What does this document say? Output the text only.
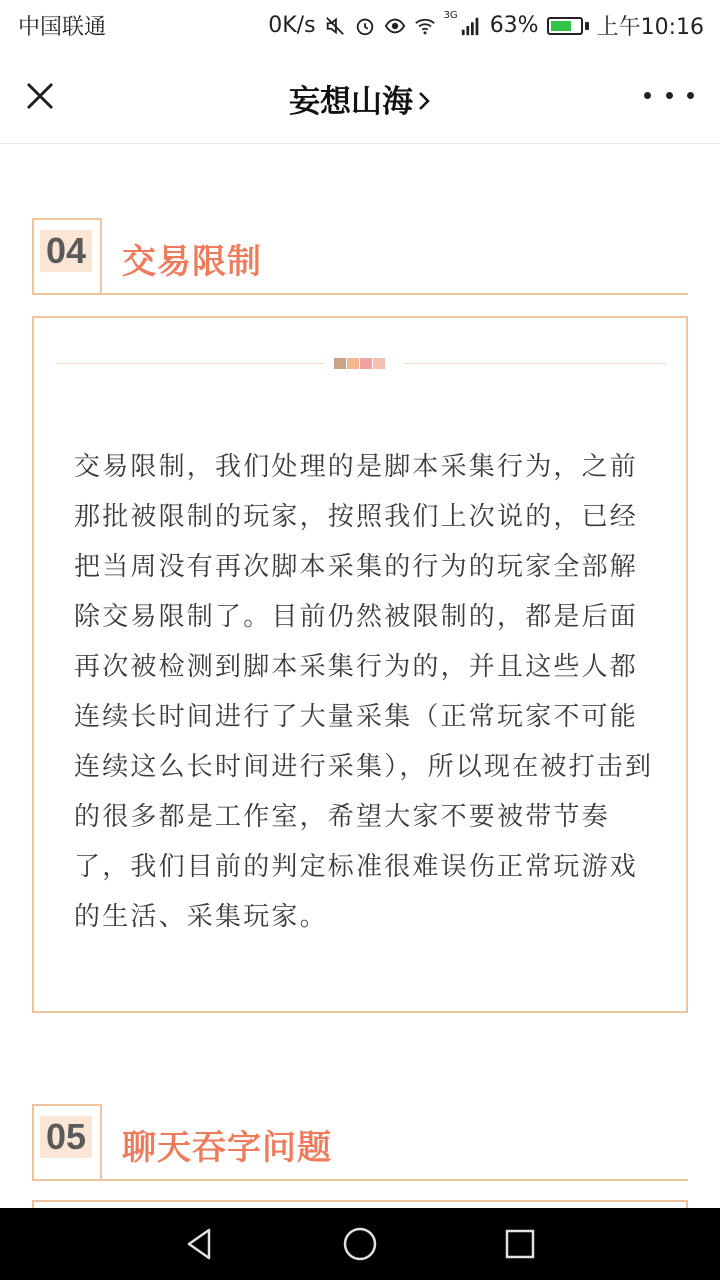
中国联通	0K/s	3G 63%	上午10:16
妄想山海
04 交易限制

交易限制，我们处理的是脚本采集行为，之前那批被限制的玩家，按照我们上次说的，已经把当周没有再次脚本采集的行为的玩家全部解除交易限制了。目前仍然被限制的，都是后面再次被检测到脚本采集行为的，并且这些人都连续长时间进行了大量采集（正常玩家不可能连续这么长时间进行采集），所以现在被打击到的很多都是工作室，希望大家不要被带节奏了，我们目前的判定标准很难误伤正常玩游戏的生活、采集玩家。

05 聊天吞字问题
